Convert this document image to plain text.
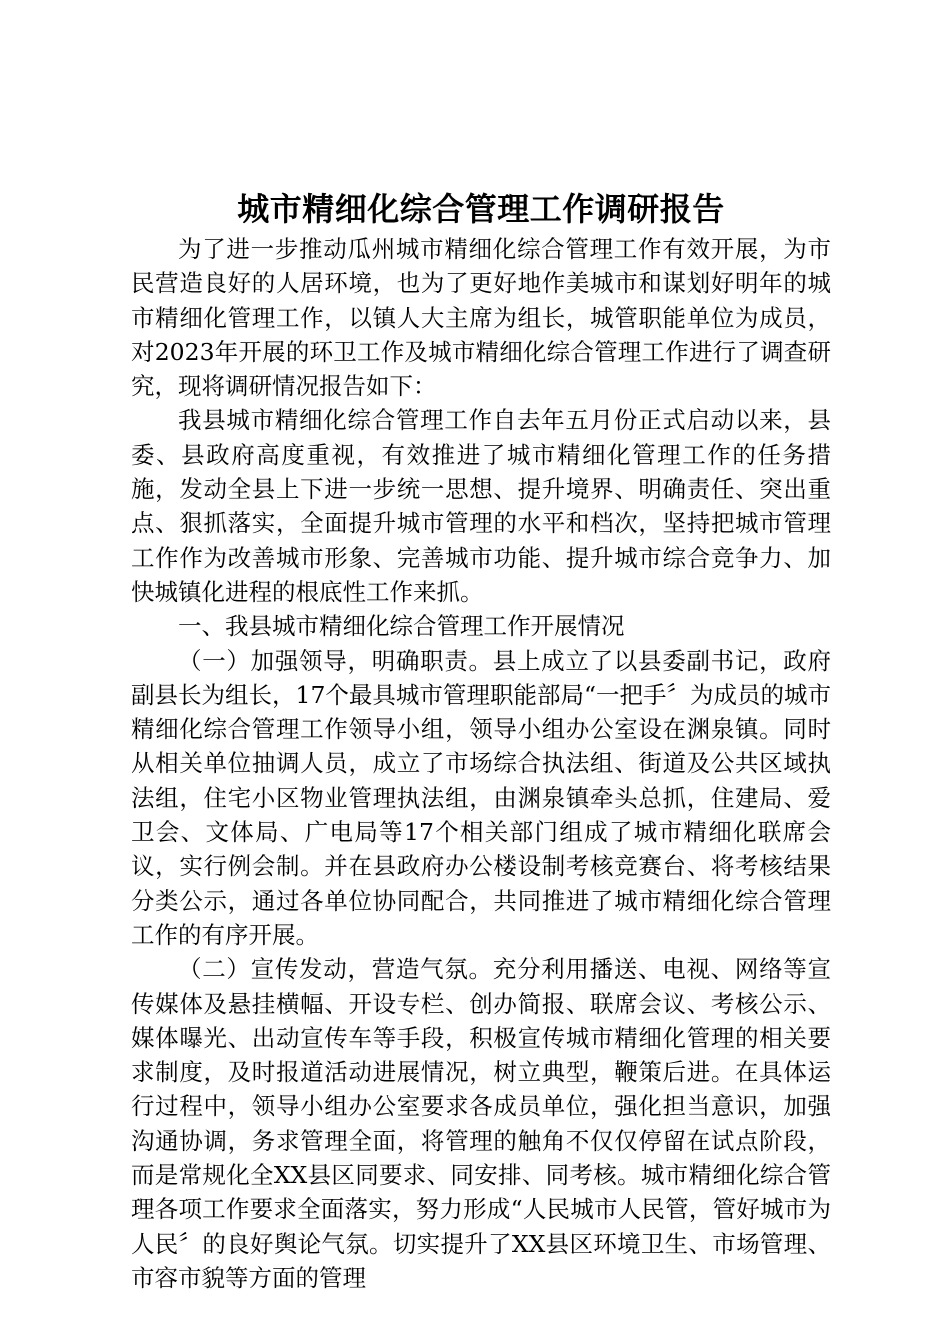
城市精细化综合管理工作调研报告

为了进一步推动瓜州城市精细化综合管理工作有效开展，为市民营造良好的人居环境，也为了更好地作美城市和谋划好明年的城市精细化管理工作，以镇人大主席为组长，城管职能单位为成员，对2023年开展的环卫工作及城市精细化综合管理工作进行了调查研究，现将调研情况报告如下：

我县城市精细化综合管理工作自去年五月份正式启动以来，县委、县政府高度重视，有效推进了城市精细化管理工作的任务措施，发动全县上下进一步统一思想、提升境界、明确责任、突出重点、狠抓落实，全面提升城市管理的水平和档次，坚持把城市管理工作作为改善城市形象、完善城市功能、提升城市综合竞争力、加快城镇化进程的根底性工作来抓。

一、我县城市精细化综合管理工作开展情况

（一）加强领导，明确职责。县上成立了以县委副书记，政府副县长为组长，17个最具城市管理职能部局“一把手〞为成员的城市精细化综合管理工作领导小组，领导小组办公室设在渊泉镇。同时从相关单位抽调人员，成立了市场综合执法组、街道及公共区域执法组，住宅小区物业管理执法组，由渊泉镇牵头总抓，住建局、爱卫会、文体局、广电局等17个相关部门组成了城市精细化联席会议，实行例会制。并在县政府办公楼设制考核竞赛台、将考核结果分类公示，通过各单位协同配合，共同推进了城市精细化综合管理工作的有序开展。

（二）宣传发动，营造气氛。充分利用播送、电视、网络等宣传媒体及悬挂横幅、开设专栏、创办简报、联席会议、考核公示、媒体曝光、出动宣传车等手段，积极宣传城市精细化管理的相关要求制度，及时报道活动进展情况，树立典型，鞭策后进。在具体运行过程中，领导小组办公室要求各成员单位，强化担当意识，加强沟通协调，务求管理全面，将管理的触角不仅仅停留在试点阶段，而是常规化全XX县区同要求、同安排、同考核。城市精细化综合管理各项工作要求全面落实，努力形成“人民城市人民管，管好城市为人民〞的良好舆论气氛。切实提升了XX县区环境卫生、市场管理、市容市貌等方面的管理
